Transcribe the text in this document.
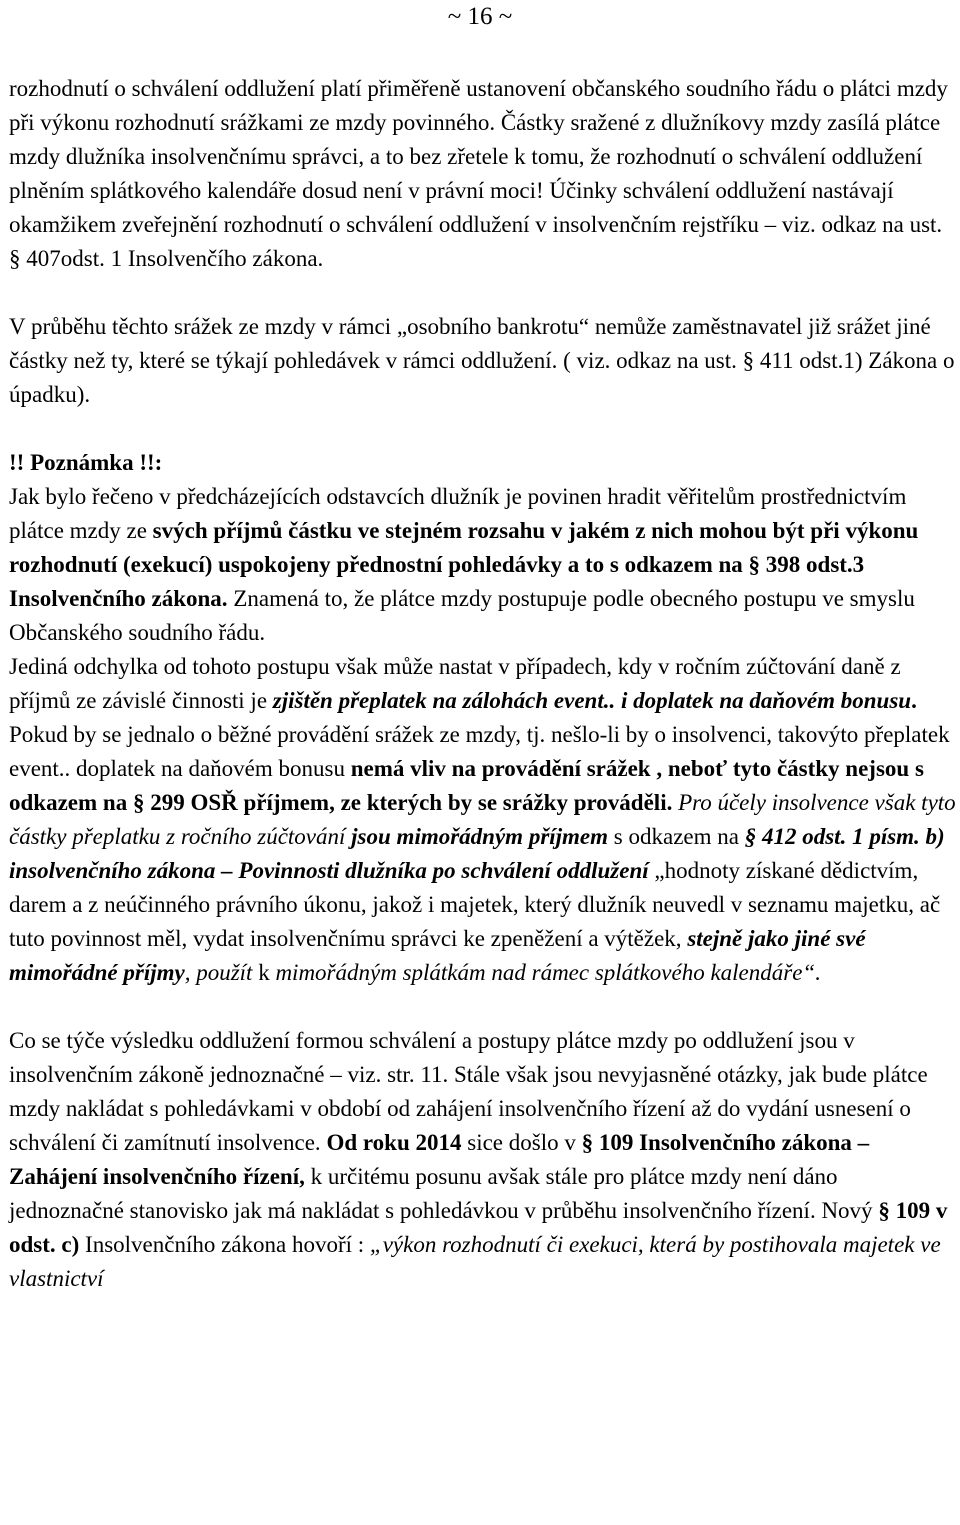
~ 16 ~

rozhodnutí o schválení oddlužení platí přiměřeně ustanovení občanského soudního řádu o plátci mzdy při výkonu rozhodnutí srážkami ze mzdy povinného. Částky sražené z dlužníkovy mzdy zasílá plátce mzdy dlužníka insolvenčnímu správci, a to bez zřetele k tomu, že rozhodnutí o schválení oddlužení plněním splátkového kalendáře dosud není v právní moci! Účinky schválení oddlužení nastávají okamžikem zveřejnění rozhodnutí o schválení oddlužení v insolvenčním rejstříku – viz. odkaz na ust. § 407odst. 1 Insolvenčího zákona.

V průběhu těchto srážek ze mzdy v rámci „osobního bankrotu“ nemůže zaměstnavatel již srážet jiné částky než ty, které se týkají pohledávek v rámci oddlužení. ( viz. odkaz na ust. § 411 odst.1) Zákona o úpadku).

!! Poznámka !!:

Jak bylo řečeno v předcházejících odstavcích dlužník je povinen hradit věřitelům prostřednictvím plátce mzdy ze svých příjmů částku ve stejném rozsahu v jakém z nich mohou být při výkonu rozhodnutí (exekucí) uspokojeny přednostní pohledávky a to s odkazem na § 398 odst.3 Insolvenčního zákona. Znamená to, že plátce mzdy postupuje podle obecného postupu ve smyslu Občanského soudního řádu.

Jediná odchylka od tohoto postupu však může nastat v případech, kdy v ročním zúčtování daně z příjmů ze závislé činnosti je zjištěn přeplatek na zálohách event.. i doplatek na daňovém bonusu. Pokud by se jednalo o běžné provádění srážek ze mzdy, tj. nešlo-li by o insolvenci, takovýto přeplatek event.. doplatek na daňovém bonusu nemá vliv na provádění srážek , neboť tyto částky nejsou s odkazem na § 299 OSŘ příjmem, ze kterých by se srážky prováděli. Pro účely insolvence však tyto částky přeplatku z ročního zúčtování jsou mimořádným příjmem s odkazem na § 412 odst. 1 písm. b) insolvenčního zákona – Povinnosti dlužníka po schválení oddlužení „hodnoty získané dědictvím, darem a z neúčinného právního úkonu, jakož i majetek, který dlužník neuvedl v seznamu majetku, ač tuto povinnost měl, vydat insolvenčnímu správci ke zpeněžení a výtěžek, stejně jako jiné své mimořádné příjmy, použít k mimořádným splátkám nad rámec splátkového kalendáře“.

Co se týče výsledku oddlužení formou schválení a postupy plátce mzdy po oddlužení jsou v insolvenčním zákoně jednoznačné – viz. str. 11. Stále však jsou nevyjasněné otázky, jak bude plátce mzdy nakládat s pohledávkami v období od zahájení insolvenčního řízení až do vydání usnesení o schválení či zamítnutí insolvence. Od roku 2014 sice došlo v § 109 Insolvenčního zákona – Zahájení insolvenčního řízení, k určitému posunu avšak stále pro plátce mzdy není dáno jednoznačné stanovisko jak má nakládat s pohledávkou v průběhu insolvenčního řízení. Nový § 109 v odst. c) Insolvenčního zákona hovoří : „výkon rozhodnutí či exekuci, která by postihovala majetek ve vlastnictví
